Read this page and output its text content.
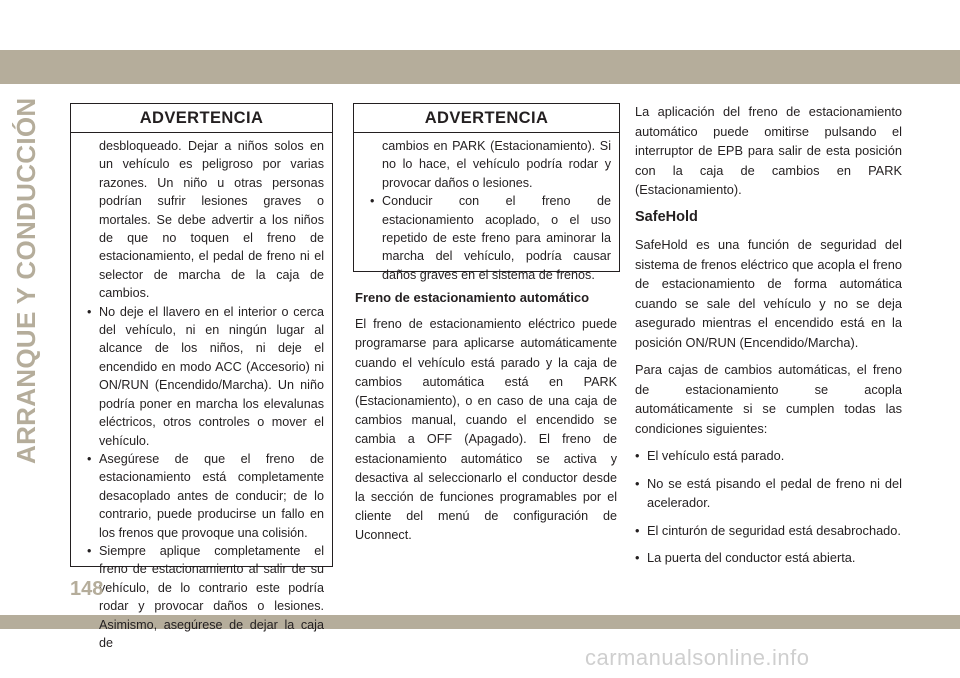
ARRANQUE Y CONDUCCIÓN	ADVERTENCIA

desbloqueado. Dejar a niños solos en un vehículo es peligroso por varias razones. Un niño u otras personas podrían sufrir lesiones graves o mortales. Se debe advertir a los niños de que no toquen el freno de estacionamiento, el pedal de freno ni el selector de marcha de la caja de cambios.

• No deje el llavero en el interior o cerca del vehículo, ni en ningún lugar al alcance de los niños, ni deje el encendido en modo ACC (Accesorio) ni ON/RUN (Encendido/Marcha). Un niño podría poner en marcha los elevalunas eléctricos, otros controles o mover el vehículo.
• Asegúrese de que el freno de estacionamiento está completamente desacoplado antes de conducir; de lo contrario, puede producirse un fallo en los frenos que provoque una colisión.
• Siempre aplique completamente el freno de estacionamiento al salir de su vehículo, de lo contrario este podría rodar y provocar daños o lesiones. Asimismo, asegúrese de dejar la caja de
ADVERTENCIA

cambios en PARK (Estacionamiento). Si no lo hace, el vehículo podría rodar y provocar daños o lesiones.

• Conducir con el freno de estacionamiento acoplado, o el uso repetido de este freno para aminorar la marcha del vehículo, podría causar daños graves en el sistema de frenos.
Freno de estacionamiento automático

El freno de estacionamiento eléctrico puede programarse para aplicarse automáticamente cuando el vehículo está parado y la caja de cambios automática está en PARK (Estacionamiento), o en caso de una caja de cambios manual, cuando el encendido se cambia a OFF (Apagado). El freno de estacionamiento automático se activa y desactiva al seleccionarlo el conductor desde la sección de funciones programables por el cliente del menú de configuración de Uconnect.

La aplicación del freno de estacionamiento automático puede omitirse pulsando el interruptor de EPB para salir de esta posición con la caja de cambios en PARK (Estacionamiento).

SafeHold

SafeHold es una función de seguridad del sistema de frenos eléctrico que acopla el freno de estacionamiento de forma automática cuando se sale del vehículo y no se deja asegurado mientras el encendido está en la posición ON/RUN (Encendido/Marcha).

Para cajas de cambios automáticas, el freno de estacionamiento se acopla automáticamente si se cumplen todas las condiciones siguientes:

• El vehículo está parado.
• No se está pisando el pedal de freno ni del acelerador.
• El cinturón de seguridad está desabrochado.
• La puerta del conductor está abierta.
148
carmanualsonline.info
